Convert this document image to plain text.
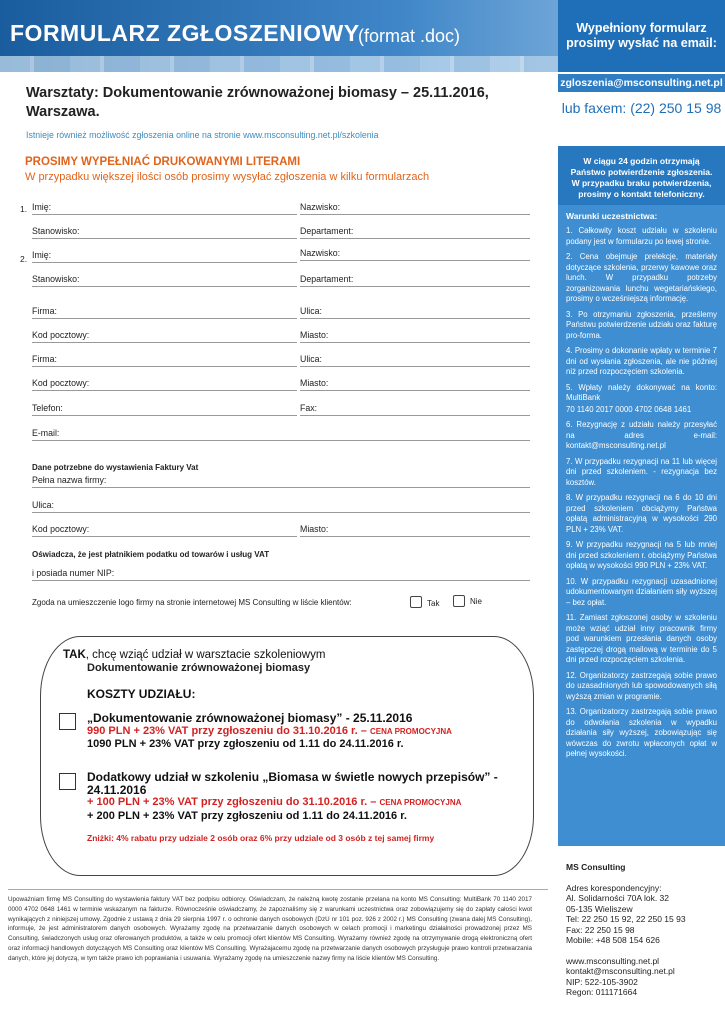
FORMULARZ ZGŁOSZENIOWY
(format .doc)	Wypełniony formularz prosimy wysłać na email:
zgloszenia@msconsulting.net.pl
lub faxem: (22) 250 15 98
W ciągu 24 godzin otrzymają Państwo potwierdzenie zgłoszenia. W przypadku braku potwierdzenia, prosimy o kontakt telefoniczny.
Warunki uczestnictwa:
1. Całkowity koszt udziału w szkoleniu podany jest w formularzu po lewej stronie.
2. Cena obejmuje prelekcje, materiały dotyczące szkolenia, przerwy kawowe oraz lunch. W przypadku potrzeby zorganizowania lunchu wegetariańskiego, prosimy o wcześniejszą informację.
3. Po otrzymaniu zgłoszenia, prześlemy Państwu potwierdzenie udziału oraz fakturę pro-forma.
4. Prosimy o dokonanie wpłaty w terminie 7 dni od wysłania zgłoszenia, ale nie później niż przed rozpoczęciem szkolenia.
5. Wpłaty należy dokonywać na konto: MultiBank
70 1140 2017 0000 4702 0648 1461
6. Rezygnację z udziału należy przesyłać na adres e-mail: kontakt@msconsulting.net.pl
7. W przypadku rezygnacji na 11 lub więcej dni przed szkoleniem. - rezygnacja bez kosztów.
8. W przypadku rezygnacji na 6 do 10 dni przed szkoleniem obciążymy Państwa opłatą administracyjną w wysokości 290 PLN + 23% VAT.
9. W przypadku rezygnacji na 5 lub mniej dni przed szkoleniem r. obciążymy Państwa opłatą w wysokości 990 PLN + 23% VAT.
10. W przypadku rezygnacji uzasadnionej udokumentowanym działaniem siły wyższej – bez opłat.
11. Zamiast zgłoszonej osoby w szkoleniu może wziąć udział inny pracownik firmy pod warunkiem przesłania danych osoby zastępczej drogą mailową w terminie do 5 dni przed rozpoczęciem szkolenia.
12. Organizatorzy zastrzegają sobie prawo do uzasadnionych lub spowodowanych siłą wyższą zmian w programie.
13. Organizatorzy zastrzegają sobie prawo do odwołania szkolenia w wypadku działania siły wyższej, zobowiązując się wówczas do zwrotu wpłaconych opłat w pełnej wysokości.
MS Consulting
Adres korespondencyjny:
Al. Solidarności 70A lok. 32
05-135 Wieliszew
Tel: 22 250 15 92, 22 250 15 93
Fax: 22 250 15 98
Mobile: +48 508 154 626
www.msconsulting.net.pl
kontakt@msconsulting.net.pl
NIP: 522-105-3902
Regon: 011171664
Warsztaty: Dokumentowanie zrównoważonej biomasy – 25.11.2016, Warszawa.
Istnieje również możliwość zgłoszenia online na stronie www.msconsulting.net.pl/szkolenia
PROSIMY WYPEŁNIAĆ DRUKOWANYMI LITERAMI
W przypadku większej ilości osób prosimy wysyłać zgłoszenia w kilku formularzach
1. Imię:	Nazwisko:
Stanowisko:	Departament:
2. Imię:	Nazwisko:
Stanowisko:	Departament:
Firma:	Ulica:
Kod pocztowy:	Miasto:
Firma:	Ulica:
Kod pocztowy:	Miasto:
Telefon:	Fax:
E-mail:
Dane potrzebne do wystawienia Faktury Vat
Pełna nazwa firmy:
Ulica:
Kod pocztowy:	Miasto:
Oświadcza, że jest płatnikiem podatku od towarów i usług VAT
i posiada numer NIP:
Zgoda na umieszczenie logo firmy na stronie internetowej MS Consulting w liście klientów:	Tak	Nie
TAK, chcę wziąć udział w warsztacie szkoleniowym
Dokumentowanie zrównoważonej biomasy
KOSZTY UDZIAŁU:
„Dokumentowanie zrównoważonej biomasy” - 25.11.2016
990 PLN + 23% VAT przy zgłoszeniu do 31.10.2016 r. – CENA PROMOCYJNA
1090 PLN + 23% VAT przy zgłoszeniu od 1.11 do 24.11.2016 r.
Dodatkowy udział w szkoleniu „Biomasa w świetle nowych przepisów” - 24.11.2016
+ 100 PLN + 23% VAT przy zgłoszeniu do 31.10.2016 r. – CENA PROMOCYJNA
+ 200 PLN + 23% VAT przy zgłoszeniu od 1.11 do 24.11.2016 r.
Zniżki: 4% rabatu przy udziale 2 osób oraz 6% przy udziale od 3 osób z tej samej firmy
Upoważniam firmę MS Consulting do wystawienia faktury VAT bez podpisu odbiorcy. Oświadczam, że należną kwotę zostanie przelana na konto MS Consulting: MultiBank 70 1140 2017 0000 4702 0648 1461 w terminie wskazanym na fakturze. Równocześnie oświadczamy, że zapoznaliśmy się z warunkami uczestnictwa oraz zobowiązujemy się do zapłaty całości kwot wynikających z niniejszej umowy. Zgodnie z ustawą z dnia 29 sierpnia 1997 r. o ochronie danych osobowych (DzU nr 101 poz. 926 z 2002 r.) MS Consulting (zwana dalej MS Consulting), informuje, że jest administratorem danych osobowych. Wyrażamy zgodę na przetwarzanie danych osobowych w celach promocji i marketingu działalności prowadzonej przez MS Consulting, świadczonych usług oraz oferowanych produktów, a także w celu promocji ofert klientów MS Consulting. Wyrażamy również zgodę na otrzymywanie drogą elektroniczną ofert oraz informacji handlowych dotyczących MS Consulting oraz klientów MS Consulting. Wyrażajacemu zgodę na przetwarzanie danych osobowych przysługuje prawo kontroli przetwarzania danych, które jej dotyczą, w tym także prawo ich poprawiania i usuwania. Wyrażamy zgodę na umieszczenie nazwy firmy na liście klientów MS Consulting.
